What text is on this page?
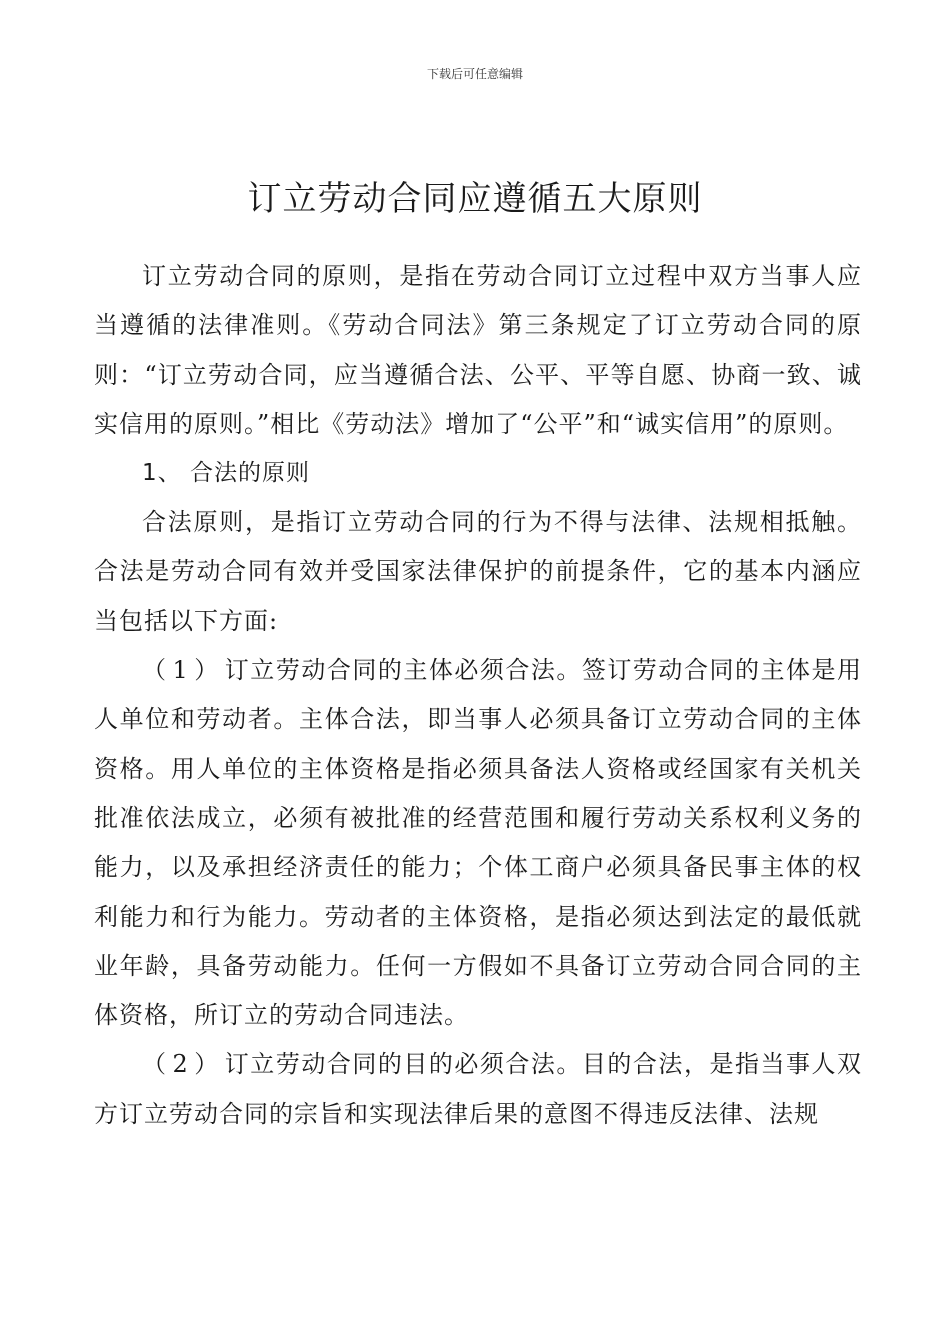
下载后可任意编辑
订立劳动合同应遵循五大原则

订立劳动合同的原则，是指在劳动合同订立过程中双方当事人应当遵循的法律准则。《劳动合同法》第三条规定了订立劳动合同的原则：“订立劳动合同，应当遵循合法、公平、平等自愿、协商一致、诚实信用的原则。”相比《劳动法》增加了“公平”和“诚实信用”的原则。

1、 合法的原则

合法原则，是指订立劳动合同的行为不得与法律、法规相抵触。合法是劳动合同有效并受国家法律保护的前提条件，它的基本内涵应当包括以下方面:

（1）订立劳动合同的主体必须合法。签订劳动合同的主体是用人单位和劳动者。主体合法，即当事人必须具备订立劳动合同的主体资格。用人单位的主体资格是指必须具备法人资格或经国家有关机关批准依法成立，必须有被批准的经营范围和履行劳动关系权利义务的能力，以及承担经济责任的能力；个体工商户必须具备民事主体的权利能力和行为能力。劳动者的主体资格，是指必须达到法定的最低就业年龄，具备劳动能力。任何一方假如不具备订立劳动合同合同的主体资格，所订立的劳动合同违法。

（2）订立劳动合同的目的必须合法。目的合法，是指当事人双方订立劳动合同的宗旨和实现法律后果的意图不得违反法律、法规
